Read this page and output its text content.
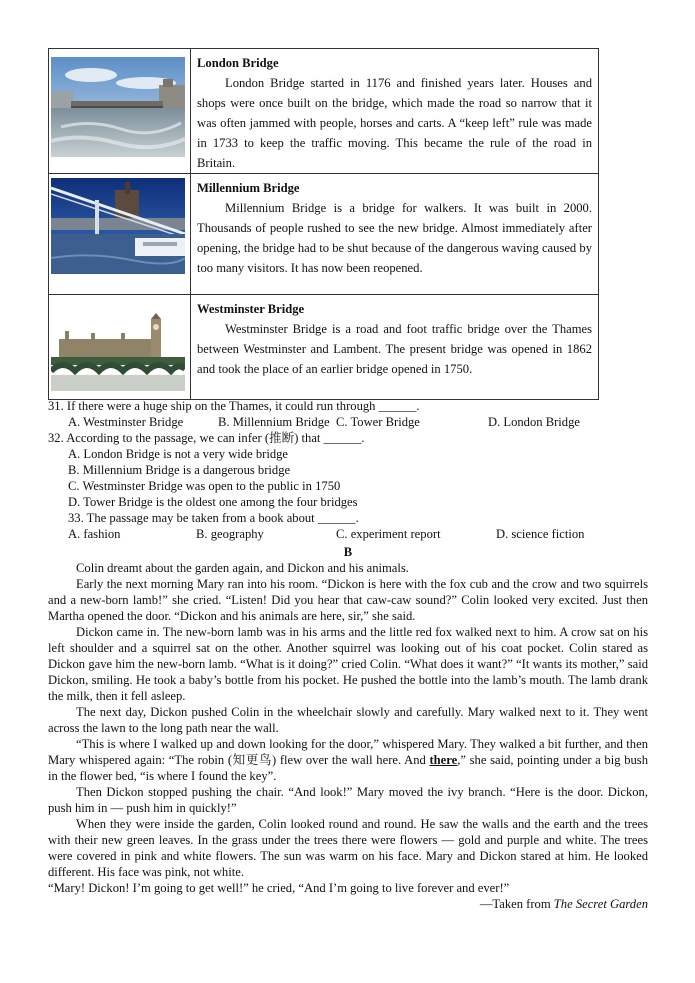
London Bridge
London Bridge started in 1176 and finished years later. Houses and shops were once built on the bridge, which made the road so narrow that it was often jammed with people, horses and carts. A “keep left” rule was made in 1733 to keep the traffic moving. This became the rule of the road in Britain.
Millennium Bridge
Millennium Bridge is a bridge for walkers. It was built in 2000. Thousands of people rushed to see the new bridge. Almost immediately after opening, the bridge had to be shut because of the dangerous waving caused by too many visitors. It has now been reopened.
Westminster Bridge
Westminster Bridge is a road and foot traffic bridge over the Thames between Westminster and Lambent. The present bridge was opened in 1862 and took the place of an earlier bridge opened in 1750.
31. If there were a huge ship on the Thames, it could run through ______.
A. Westminster Bridge	B. Millennium Bridge C. Tower Bridge	D. London Bridge
32. According to the passage, we can infer (推断) that ______.
A. London Bridge is not a very wide bridge
B. Millennium Bridge is a dangerous bridge
C. Westminster Bridge was open to the public in 1750
D. Tower Bridge is the oldest one among the four bridges
33. The passage may be taken from a book about ______.
A. fashion	B. geography	C. experiment report	D. science fiction
B
Colin dreamt about the garden again, and Dickon and his animals.
Early the next morning Mary ran into his room. “Dickon is here with the fox cub and the crow and two squirrels and a new-born lamb!” she cried. “Listen! Did you hear that caw-caw sound?” Colin looked very excited. Just then Martha opened the door. “Dickon and his animals are here, sir,” she said.
Dickon came in. The new-born lamb was in his arms and the little red fox walked next to him. A crow sat on his left shoulder and a squirrel sat on the other. Another squirrel was looking out of his coat pocket. Colin stared as Dickon gave him the new-born lamb. “What is it doing?” cried Colin. “What does it want?” “It wants its mother,” said Dickon, smiling. He took a baby’s bottle from his pocket. He pushed the bottle into the lamb’s mouth. The lamb drank the milk, then it fell asleep.
The next day, Dickon pushed Colin in the wheelchair slowly and carefully. Mary walked next to it. They went across the lawn to the long path near the wall.
“This is where I walked up and down looking for the door,” whispered Mary. They walked a bit further, and then Mary whispered again: “The robin (知更鸟) flew over the wall here. And there,” she said, pointing under a big bush in the flower bed, “is where I found the key”.
Then Dickon stopped pushing the chair. “And look!” Mary moved the ivy branch. “Here is the door. Dickon, push him in — push him in quickly!”
When they were inside the garden, Colin looked round and round. He saw the walls and the earth and the trees with their new green leaves. In the grass under the trees there were flowers — gold and purple and white. The trees were covered in pink and white flowers. The sun was warm on his face. Mary and Dickon stared at him. He looked different. His face was pink, not white.
“Mary! Dickon! I’m going to get well!” he cried, “And I’m going to live forever and ever!”
—Taken from The Secret Garden
